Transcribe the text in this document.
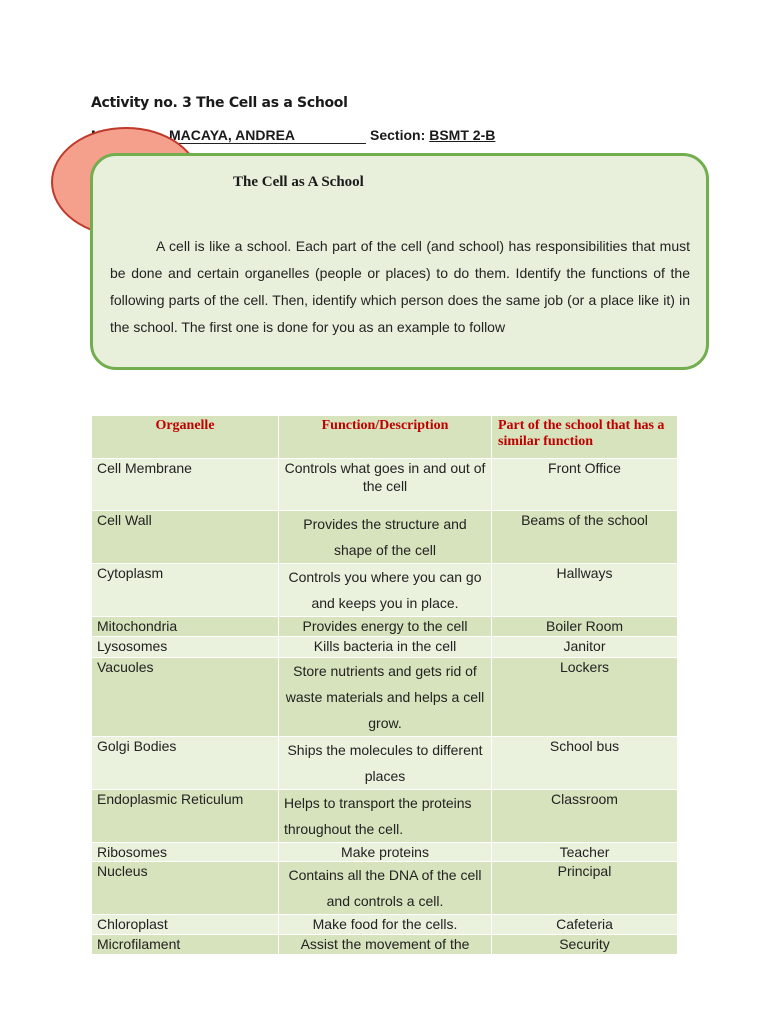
Activity no. 3 The Cell as a School
MACAYA, ANDREA	Section: BSMT 2-B
The Cell as A School
A cell is like a school. Each part of the cell (and school) has responsibilities that must be done and certain organelles (people or places) to do them. Identify the functions of the following parts of the cell. Then, identify which person does the same job (or a place like it) in the school. The first one is done for you as an example to follow
Organelle	Function/Description	Part of the school that has a similar function
Cell Membrane	Controls what goes in and out of the cell	Front Office
Cell Wall	Provides the structure and shape of the cell	Beams of the school
Cytoplasm	Controls you where you can go and keeps you in place.	Hallways
Mitochondria	Provides energy to the cell	Boiler Room
Lysosomes	Kills bacteria in the cell	Janitor
Vacuoles	Store nutrients and gets rid of waste materials and helps a cell grow.	Lockers
Golgi Bodies	Ships the molecules to different places	School bus
Endoplasmic Reticulum	Helps to transport the proteins throughout the cell.	Classroom
Ribosomes	Make proteins	Teacher
Nucleus	Contains all the DNA of the cell and controls a cell.	Principal
Chloroplast	Make food for the cells.	Cafeteria
Microfilament	Assist the movement of the	Security
